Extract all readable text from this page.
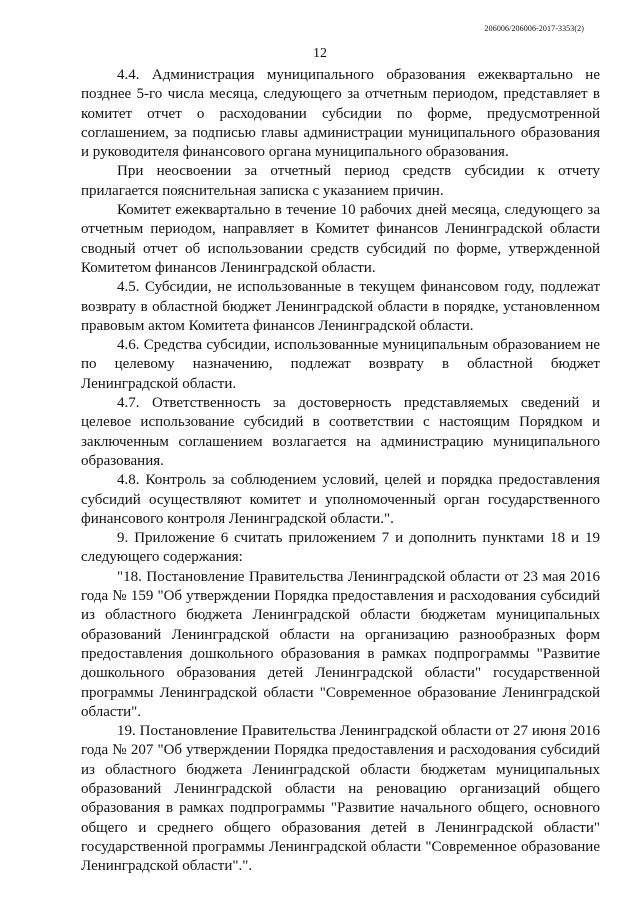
206006/206006-2017-3353(2)
12

4.4. Администрация муниципального образования ежеквартально не позднее 5-го числа месяца, следующего за отчетным периодом, представляет в комитет отчет о расходовании субсидии по форме, предусмотренной соглашением, за подписью главы администрации муниципального образования и руководителя финансового органа муниципального образования.

При неосвоении за отчетный период средств субсидии к отчету прилагается пояснительная записка с указанием причин.

Комитет ежеквартально в течение 10 рабочих дней месяца, следующего за отчетным периодом, направляет в Комитет финансов Ленинградской области сводный отчет об использовании средств субсидий по форме, утвержденной Комитетом финансов Ленинградской области.

4.5. Субсидии, не использованные в текущем финансовом году, подлежат возврату в областной бюджет Ленинградской области в порядке, установленном правовым актом Комитета финансов Ленинградской области.

4.6. Средства субсидии, использованные муниципальным образованием не по целевому назначению, подлежат возврату в областной бюджет Ленинградской области.

4.7. Ответственность за достоверность представляемых сведений и целевое использование субсидий в соответствии с настоящим Порядком и заключенным соглашением возлагается на администрацию муниципального образования.

4.8. Контроль за соблюдением условий, целей и порядка предоставления субсидий осуществляют комитет и уполномоченный орган государственного финансового контроля Ленинградской области.".

9. Приложение 6 считать приложением 7 и дополнить пунктами 18 и 19 следующего содержания:

"18. Постановление Правительства Ленинградской области от 23 мая 2016 года № 159 "Об утверждении Порядка предоставления и расходования субсидий из областного бюджета Ленинградской области бюджетам муниципальных образований Ленинградской области на организацию разнообразных форм предоставления дошкольного образования в рамках подпрограммы "Развитие дошкольного образования детей Ленинградской области" государственной программы Ленинградской области "Современное образование Ленинградской области".

19. Постановление Правительства Ленинградской области от 27 июня 2016 года № 207 "Об утверждении Порядка предоставления и расходования субсидий из областного бюджета Ленинградской области бюджетам муниципальных образований Ленинградской области на реновацию организаций общего образования в рамках подпрограммы "Развитие начального общего, основного общего и среднего общего образования детей в Ленинградской области" государственной программы Ленинградской области "Современное образование Ленинградской области".".
